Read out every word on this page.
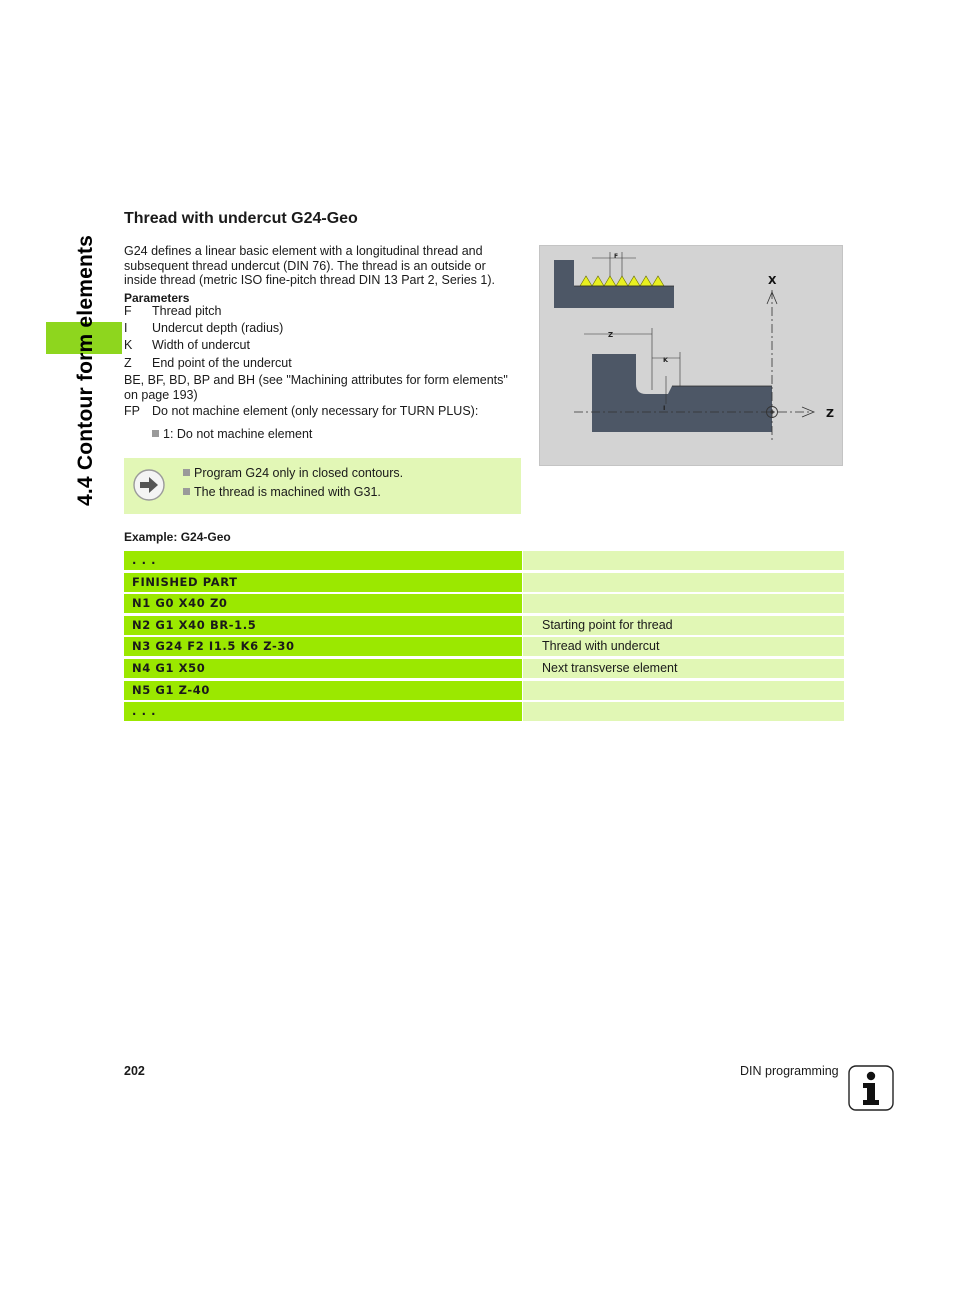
4.4 Contour form elements
Thread with undercut G24-Geo

G24 defines a linear basic element with a longitudinal thread and subsequent thread undercut (DIN 76). The thread is an outside or inside thread (metric ISO fine-pitch thread DIN 13 Part 2, Series 1).

Parameters
F Thread pitch
I Undercut depth (radius)
K Width of undercut
Z End point of the undercut
BE, BF, BD, BP and BH (see "Machining attributes for form elements" on page 193)
FP Do not machine element (only necessary for TURN PLUS):
1: Do not machine element
F
Z
K
I
X
Z
Program G24 only in closed contours.
The thread is machined with G31.
Example: G24-Geo
. . .
FINISHED PART
N1 G0 X40 Z0
N2 G1 X40 BR-1.5	Starting point for thread
N3 G24 F2 I1.5 K6 Z-30	Thread with undercut
N4 G1 X50	Next transverse element
N5 G1 Z-40
. . .
202	DIN programming
